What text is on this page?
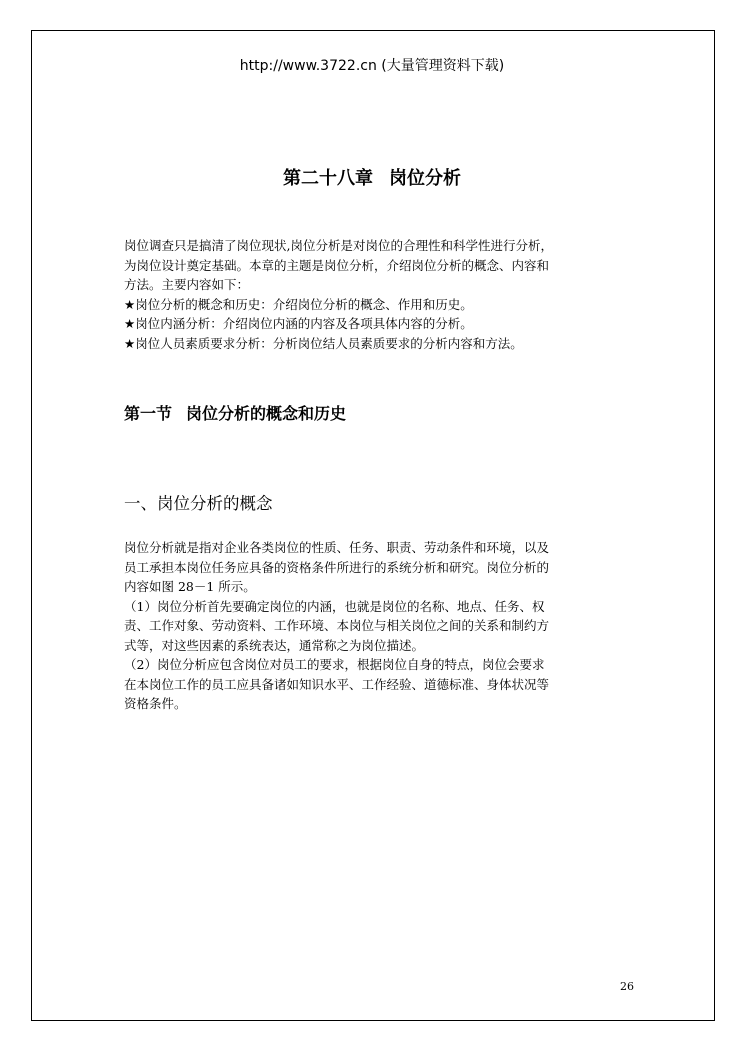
http://www.3722.cn (大量管理资料下载)
第二十八章 岗位分析

岗位调查只是搞清了岗位现状,岗位分析是对岗位的合理性和科学性进行分析，

为岗位设计奠定基础。本章的主题是岗位分析，介绍岗位分析的概念、内容和

方法。主要内容如下：

★岗位分析的概念和历史：介绍岗位分析的概念、作用和历史。

★岗位内涵分析：介绍岗位内涵的内容及各项具体内容的分析。

★岗位人员素质要求分析：分析岗位结人员素质要求的分析内容和方法。

第一节 岗位分析的概念和历史
一、岗位分析的概念

岗位分析就是指对企业各类岗位的性质、任务、职责、劳动条件和环境，以及

员工承担本岗位任务应具备的资格条件所进行的系统分析和研究。岗位分析的

内容如图 28－1 所示。

（1）岗位分析首先要确定岗位的内涵，也就是岗位的名称、地点、任务、权

责、工作对象、劳动资料、工作环境、本岗位与相关岗位之间的关系和制约方

式等，对这些因素的系统表达，通常称之为岗位描述。

（2）岗位分析应包含岗位对员工的要求，根据岗位自身的特点，岗位会要求

在本岗位工作的员工应具备诸如知识水平、工作经验、道德标准、身体状况等

资格条件。

26
